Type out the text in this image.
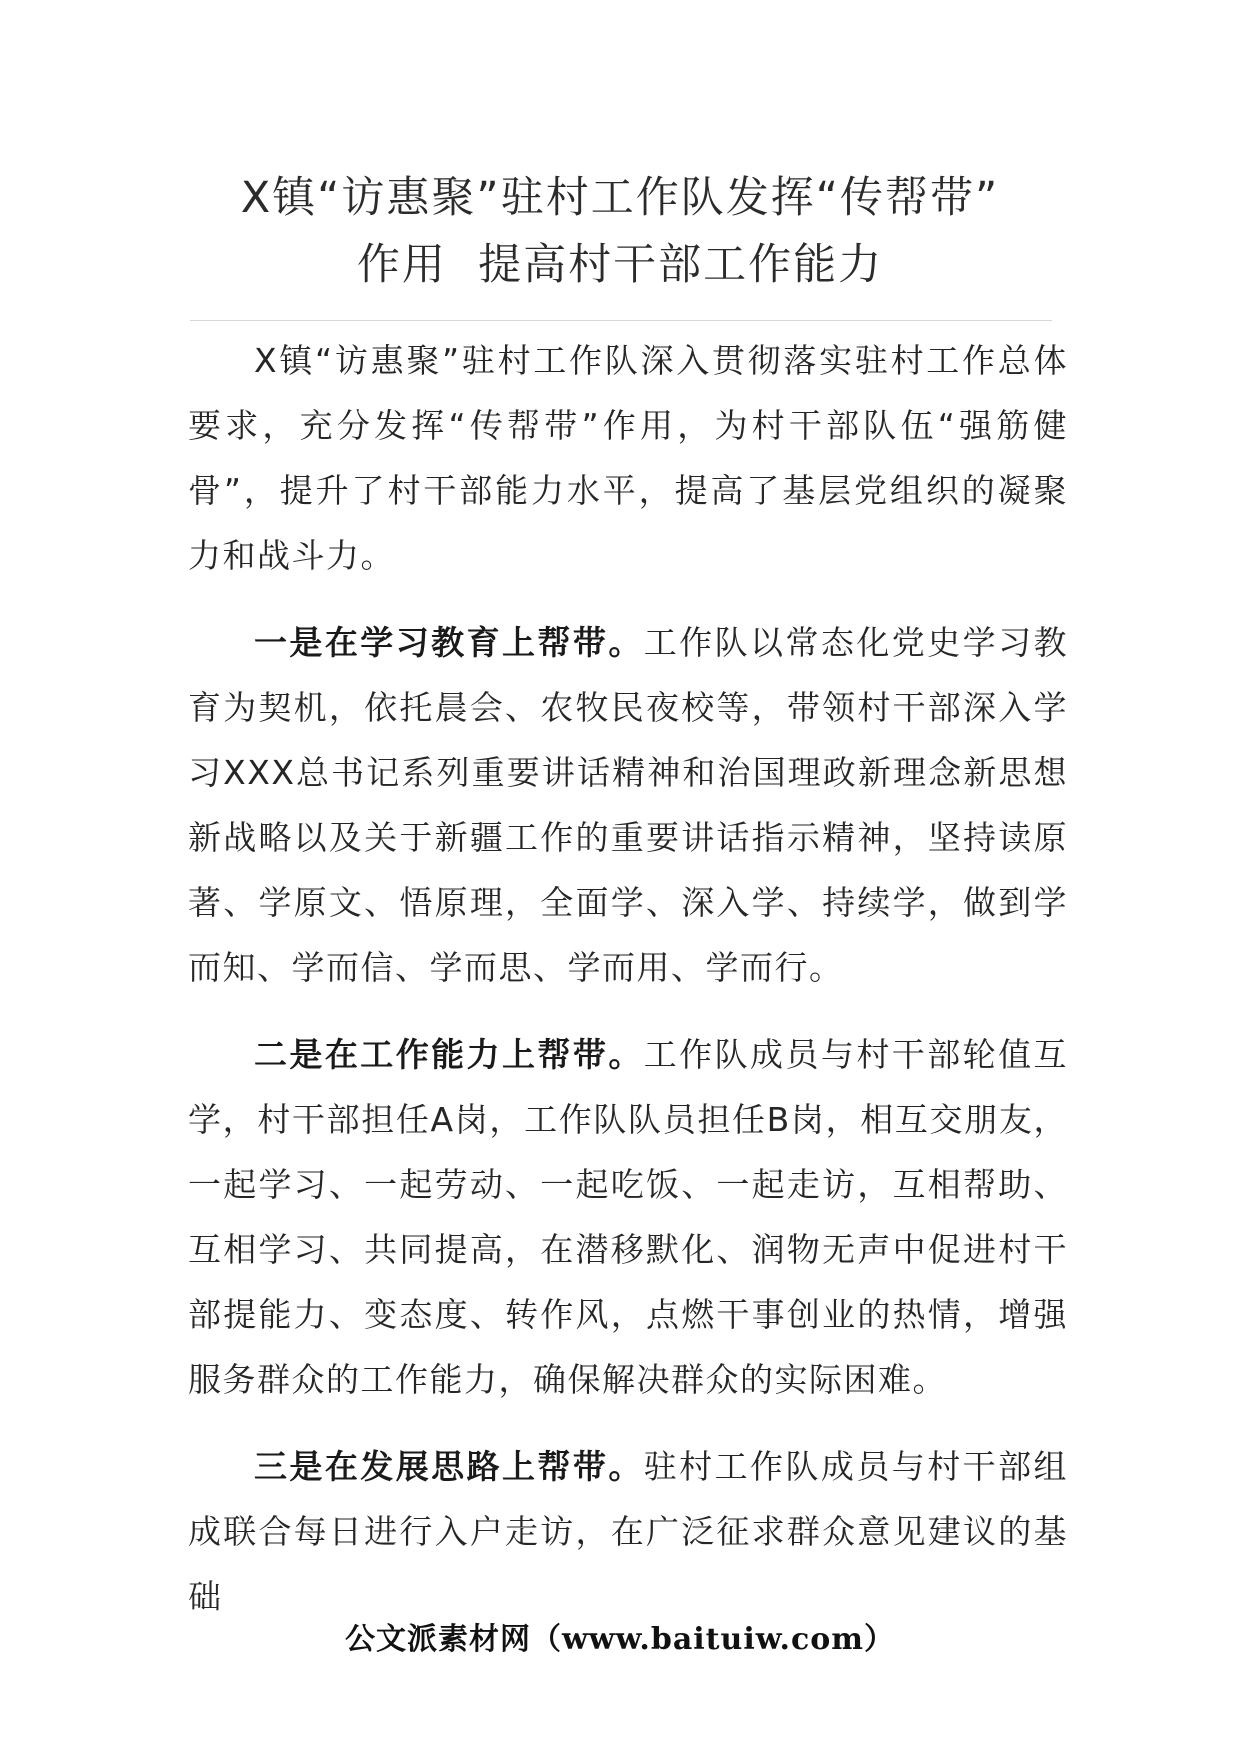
X镇“访惠聚”驻村工作队发挥“传帮带”
作用  提高村干部工作能力

X镇“访惠聚”驻村工作队深入贯彻落实驻村工作总体要求，充分发挥“传帮带”作用，为村干部队伍“强筋健骨”，提升了村干部能力水平，提高了基层党组织的凝聚力和战斗力。

一是在学习教育上帮带。工作队以常态化党史学习教育为契机，依托晨会、农牧民夜校等，带领村干部深入学习XXX总书记系列重要讲话精神和治国理政新理念新思想新战略以及关于新疆工作的重要讲话指示精神，坚持读原著、学原文、悟原理，全面学、深入学、持续学，做到学而知、学而信、学而思、学而用、学而行。

二是在工作能力上帮带。工作队成员与村干部轮值互学，村干部担任A岗，工作队队员担任B岗，相互交朋友，一起学习、一起劳动、一起吃饭、一起走访，互相帮助、互相学习、共同提高，在潜移默化、润物无声中促进村干部提能力、变态度、转作风，点燃干事创业的热情，增强服务群众的工作能力，确保解决群众的实际困难。

三是在发展思路上帮带。驻村工作队成员与村干部组成联合每日进行入户走访，在广泛征求群众意见建议的基础

公文派素材网（www.baituiw.com）
